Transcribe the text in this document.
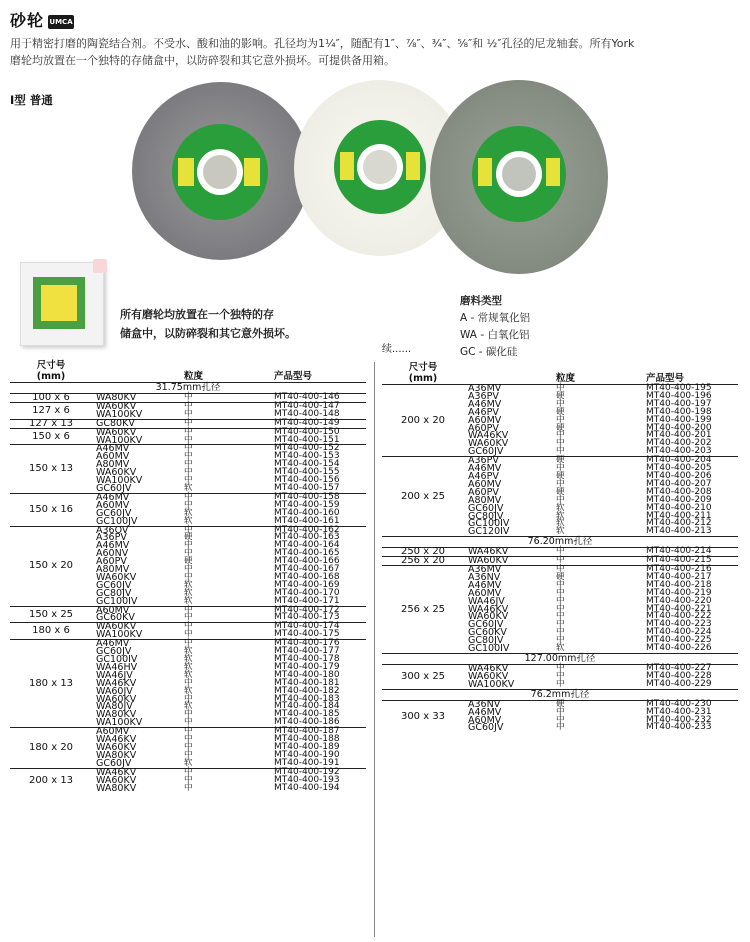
砂轮 UMCA
用于精密打磨的陶瓷结合剂。不受水、酸和油的影响。孔径均为1¼″，随配有1″、⅞″、¾″、⅝″和 ½″孔径的尼龙轴套。所有York
磨轮均放置在一个独特的存储盒中，以防碎裂和其它意外损坏。可提供备用箱。
I型 普通
所有磨轮均放置在一个独特的存
储盒中，以防碎裂和其它意外损坏。
磨料类型
A - 常规氧化铝
WA - 白氧化铝
GC - 碳化硅
续......
尺寸号
(mm)		粒度	产品型号
31.75mm孔径			
100 x 6	WA80KV	中	MT40-400-146
127 x 6	WA60KV	中	MT40-400-147
	WA100KV	中	MT40-400-148
127 x 13	GC80KV	中	MT40-400-149
150 x 6	WA60KV	中	MT40-400-150
	WA100KV	中	MT40-400-151
150 x 13	A46MV	中	MT40-400-152
	A60MV	中	MT40-400-153
	A80MV	中	MT40-400-154
	WA60KV	中	MT40-400-155
	WA100KV	中	MT40-400-156
	GC60JV	软	MT40-400-157
150 x 16	A46MV	中	MT40-400-158
	A60MV	中	MT40-400-159
	GC60JV	软	MT40-400-160
	GC100JV	软	MT40-400-161
150 x 20	A36OV	中	MT40-400-162
	A36PV	硬	MT40-400-163
	A46MV	中	MT40-400-164
	A60NV	中	MT40-400-165
	A60PV	硬	MT40-400-166
	A80MV	中	MT40-400-167
	WA60KV	中	MT40-400-168
	GC60JV	软	MT40-400-169
	GC80JV	软	MT40-400-170
	GC100IV	软	MT40-400-171
150 x 25	A60MV	中	MT40-400-172
	GC60KV	中	MT40-400-173
180 x 6	WA60KV	中	MT40-400-174
	WA100KV	中	MT40-400-175
180 x 13	A46MV	中	MT40-400-176
	GC60JV	软	MT40-400-177
	GC100IV	软	MT40-400-178
	WA46HV	软	MT40-400-179
	WA46JV	软	MT40-400-180
	WA46KV	中	MT40-400-181
	WA60JV	软	MT40-400-182
	WA60KV	中	MT40-400-183
	WA80JV	软	MT40-400-184
	WA80KV	中	MT40-400-185
	WA100KV	中	MT40-400-186
180 x 20	A60MV	中	MT40-400-187
	WA46KV	中	MT40-400-188
	WA60KV	中	MT40-400-189
	WA80KV	中	MT40-400-190
	GC60JV	软	MT40-400-191
200 x 13	WA46KV	中	MT40-400-192
	WA60KV	中	MT40-400-193
	WA80KV	中	MT40-400-194
尺寸号
(mm)		粒度	产品型号
200 x 20	A36MV	中	MT40-400-195
	A36PV	硬	MT40-400-196
	A46MV	中	MT40-400-197
	A46PV	硬	MT40-400-198
	A60MV	中	MT40-400-199
	A60PV	硬	MT40-400-200
	WA46KV	中	MT40-400-201
	WA60KV	中	MT40-400-202
	GC60JV	中	MT40-400-203
200 x 25	A36PV	硬	MT40-400-204
	A46MV	中	MT40-400-205
	A46PV	硬	MT40-400-206
	A60MV	中	MT40-400-207
	A60PV	硬	MT40-400-208
	A80MV	中	MT40-400-209
	GC60JV	软	MT40-400-210
	GC80JV	软	MT40-400-211
	GC100IV	软	MT40-400-212
	GC120IV	软	MT40-400-213
76.20mm孔径			
250 x 20	WA46KV	中	MT40-400-214
256 x 20	WA60KV	中	MT40-400-215
256 x 25	A36MV	中	MT40-400-216
	A36NV	硬	MT40-400-217
	A46MV	中	MT40-400-218
	A60MV	中	MT40-400-219
	WA46JV	中	MT40-400-220
	WA46KV	中	MT40-400-221
	WA60KV	中	MT40-400-222
	GC60JV	中	MT40-400-223
	GC60KV	中	MT40-400-224
	GC80JV	中	MT40-400-225
	GC100IV	软	MT40-400-226
127.00mm孔径			
300 x 25	WA46KV	中	MT40-400-227
	WA60KV	中	MT40-400-228
	WA100KV	中	MT40-400-229
76.2mm孔径			
300 x 33	A36NV	硬	MT40-400-230
	A46MV	中	MT40-400-231
	A60MV	中	MT40-400-232
	GC60JV	中	MT40-400-233
